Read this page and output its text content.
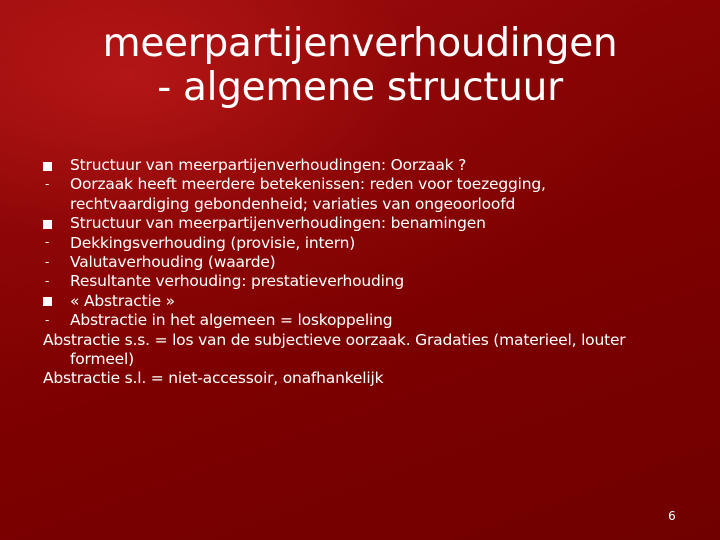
meerpartijenverhoudingen
- algemene structuur
Structuur van meerpartijenverhoudingen: Oorzaak ?
-	Oorzaak heeft meerdere betekenissen: reden voor toezegging,
rechtvaardiging gebondenheid; variaties van ongeoorloofd
Structuur van meerpartijenverhoudingen: benamingen
-	Dekkingsverhouding (provisie, intern)
-	Valutaverhouding (waarde)
-	Resultante verhouding: prestatieverhouding
« Abstractie »
-	Abstractie in het algemeen = loskoppeling
Abstractie s.s. = los van de subjectieve oorzaak. Gradaties (materieel, louter
formeel)
Abstractie s.l. = niet-accessoir, onafhankelijk
6
